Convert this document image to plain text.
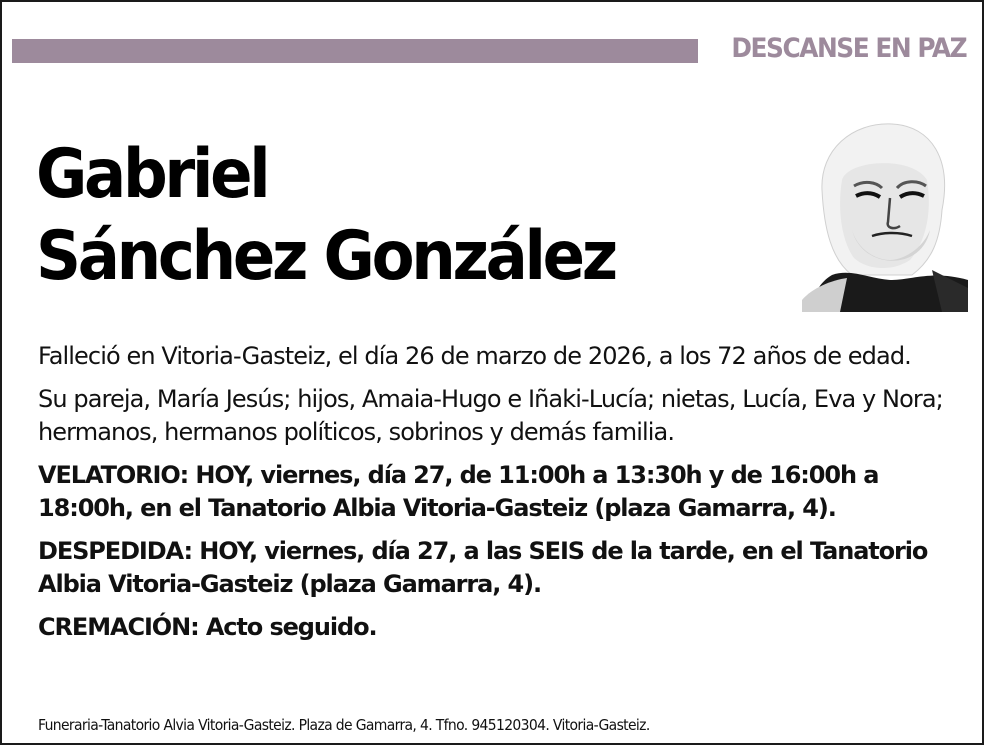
DESCANSE EN PAZ
Gabriel
Sánchez González

Falleció en Vitoria-Gasteiz, el día 26 de marzo de 2026, a los 72 años de edad.

Su pareja, María Jesús; hijos, Amaia-Hugo e Iñaki-Lucía; nietas, Lucía, Eva y Nora; hermanos, hermanos políticos, sobrinos y demás familia.

VELATORIO: HOY, viernes, día 27, de 11:00h a 13:30h y de 16:00h a 18:00h, en el Tanatorio Albia Vitoria-Gasteiz (plaza Gamarra, 4).

DESPEDIDA: HOY, viernes, día 27, a las SEIS de la tarde, en el Tanatorio Albia Vitoria-Gasteiz (plaza Gamarra, 4).

CREMACIÓN: Acto seguido.

Funeraria-Tanatorio Alvia Vitoria-Gasteiz. Plaza de Gamarra, 4. Tfno. 945120304. Vitoria-Gasteiz.
